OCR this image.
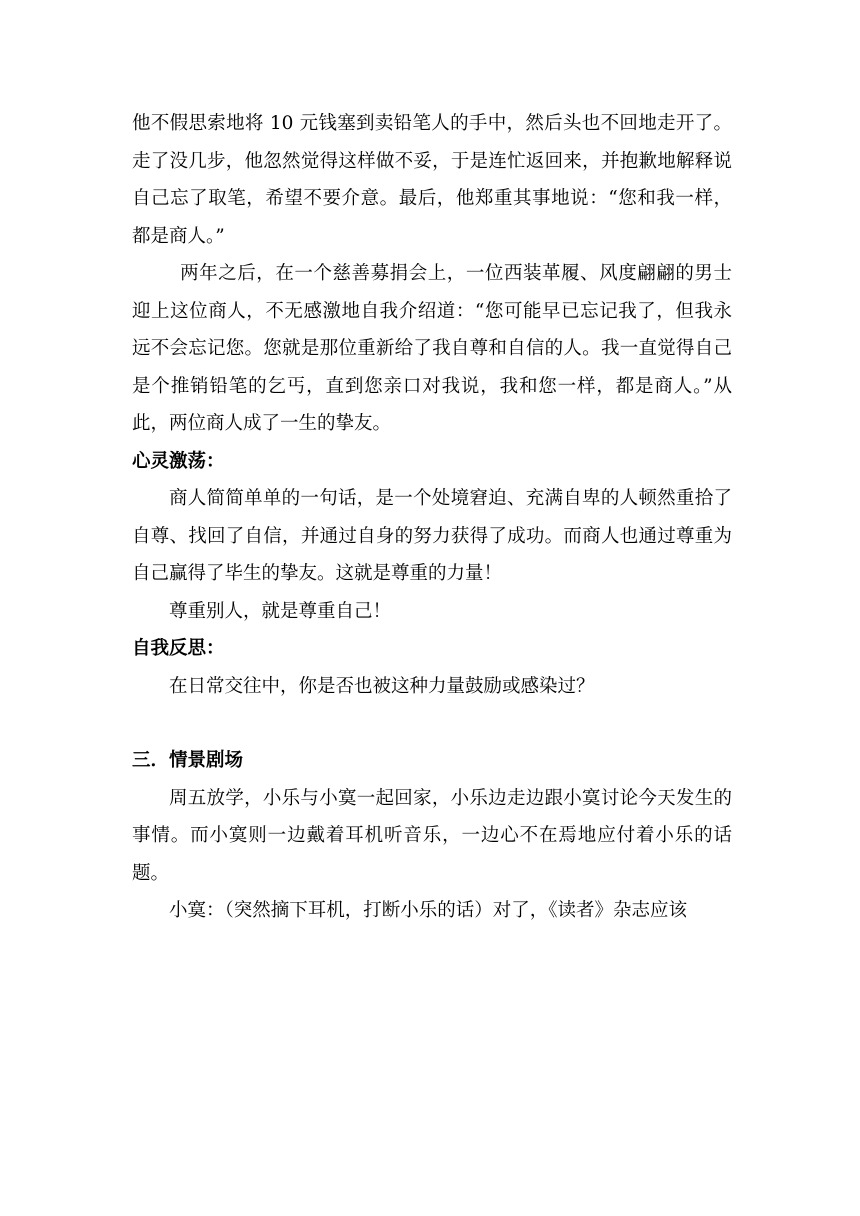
他不假思索地将 10 元钱塞到卖铅笔人的手中，然后头也不回地走开了。走了没几步，他忽然觉得这样做不妥，于是连忙返回来，并抱歉地解释说自己忘了取笔，希望不要介意。最后，他郑重其事地说：“您和我一样，都是商人。”

两年之后，在一个慈善募捐会上，一位西装革履、风度翩翩的男士迎上这位商人，不无感激地自我介绍道：“您可能早已忘记我了，但我永远不会忘记您。您就是那位重新给了我自尊和自信的人。我一直觉得自己是个推销铅笔的乞丐，直到您亲口对我说，我和您一样，都是商人。”从此，两位商人成了一生的挚友。

心灵激荡：

商人简简单单的一句话，是一个处境窘迫、充满自卑的人顿然重拾了自尊、找回了自信，并通过自身的努力获得了成功。而商人也通过尊重为自己赢得了毕生的挚友。这就是尊重的力量！

尊重别人，就是尊重自己！

自我反思：

在日常交往中，你是否也被这种力量鼓励或感染过？

三．情景剧场

周五放学，小乐与小寞一起回家，小乐边走边跟小寞讨论今天发生的事情。而小寞则一边戴着耳机听音乐，一边心不在焉地应付着小乐的话题。

小寞：（突然摘下耳机，打断小乐的话）对了，《读者》杂志应该
